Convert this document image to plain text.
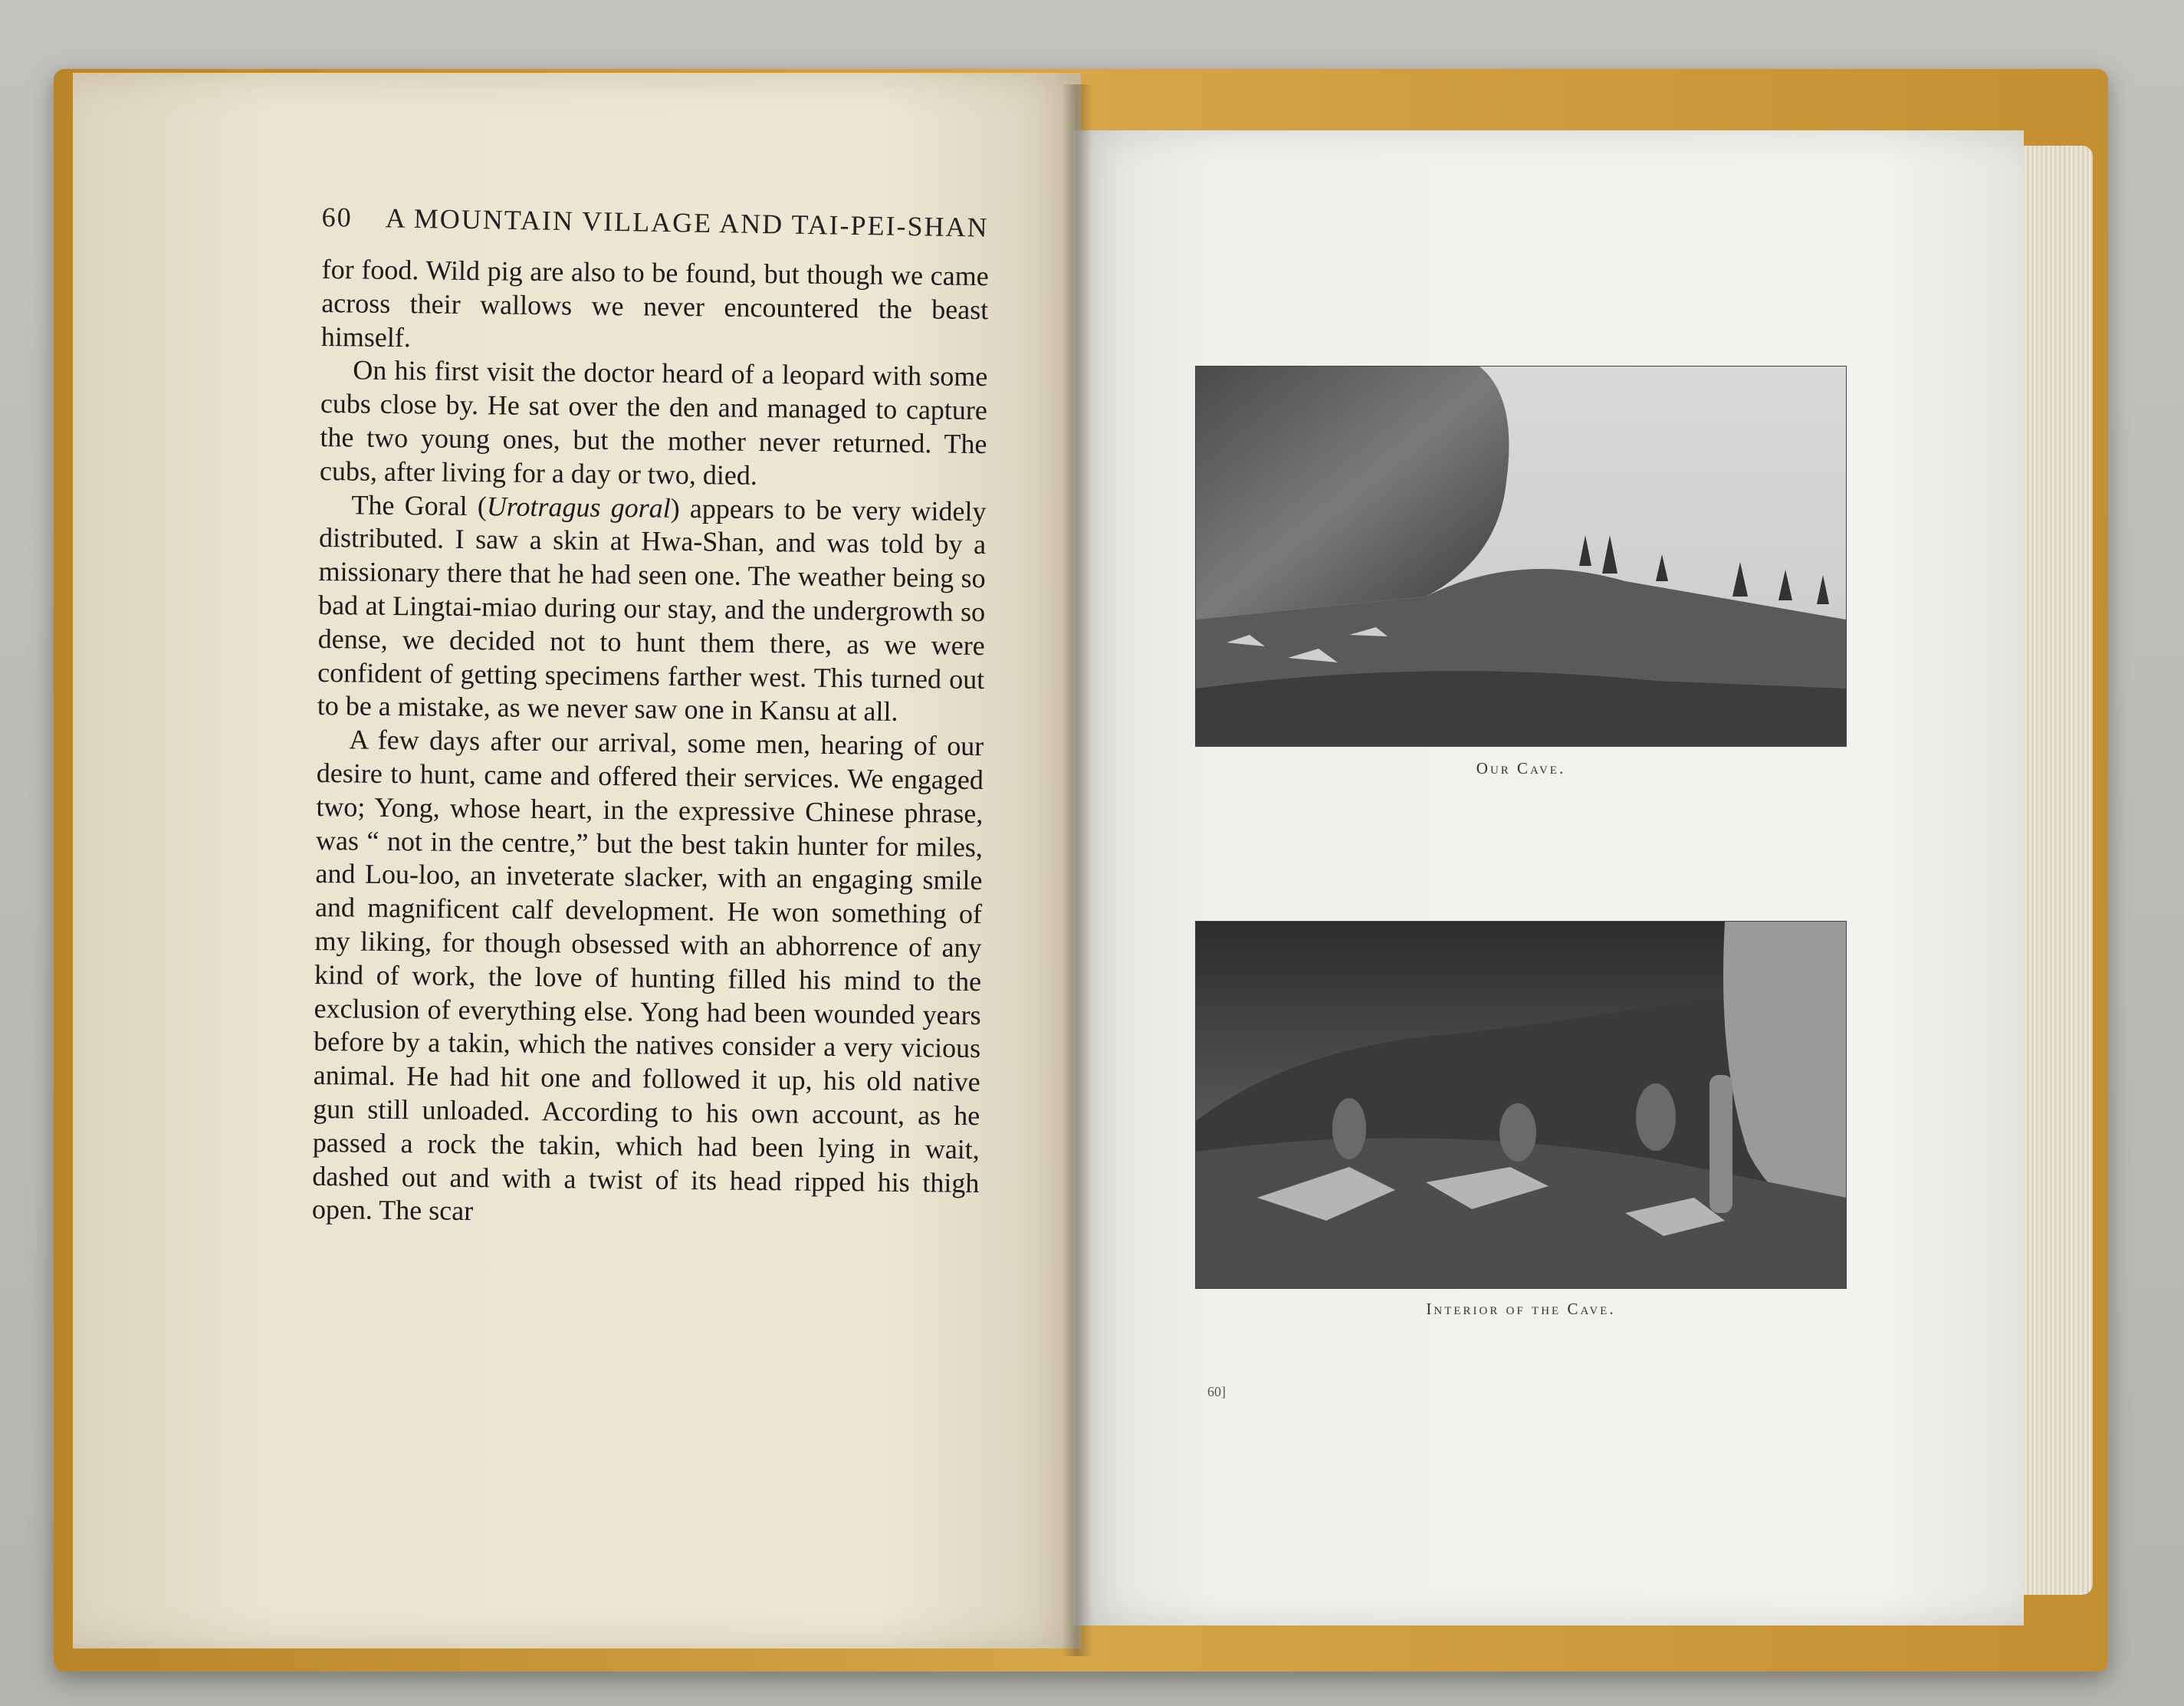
60 A MOUNTAIN VILLAGE AND TAI-PEI-SHAN

for food. Wild pig are also to be found, but though we came across their wallows we never encountered the beast himself.

On his first visit the doctor heard of a leopard with some cubs close by. He sat over the den and managed to capture the two young ones, but the mother never returned. The cubs, after living for a day or two, died.

The Goral (Urotragus goral) appears to be very widely distributed. I saw a skin at Hwa-Shan, and was told by a missionary there that he had seen one. The weather being so bad at Lingtai-miao during our stay, and the undergrowth so dense, we decided not to hunt them there, as we were confident of getting specimens farther west. This turned out to be a mistake, as we never saw one in Kansu at all.

A few days after our arrival, some men, hearing of our desire to hunt, came and offered their services. We engaged two; Yong, whose heart, in the expressive Chinese phrase, was “ not in the centre,” but the best takin hunter for miles, and Lou-loo, an inveterate slacker, with an engaging smile and magnificent calf development. He won something of my liking, for though obsessed with an abhorrence of any kind of work, the love of hunting filled his mind to the exclusion of everything else. Yong had been wounded years before by a takin, which the natives consider a very vicious animal. He had hit one and followed it up, his old native gun still unloaded. According to his own account, as he passed a rock the takin, which had been lying in wait, dashed out and with a twist of its head ripped his thigh open. The scar

Our Cave.
Interior of the Cave.
60]
